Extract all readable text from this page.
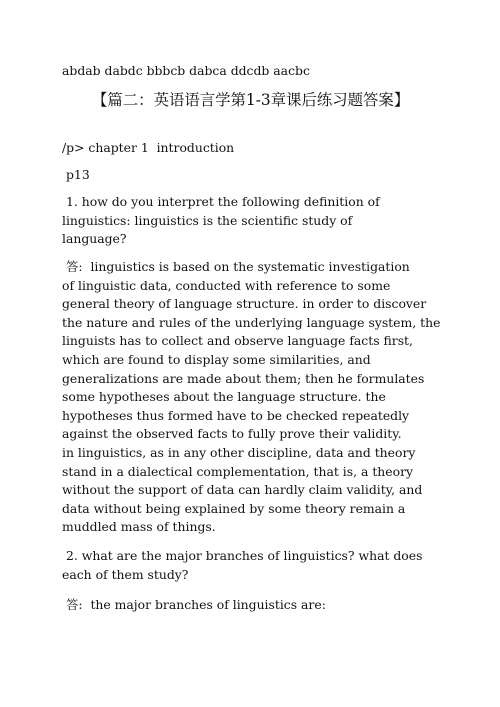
abdab dabdc bbbcb dabca ddcdb aacbc
【篇二：英语语言学第1-3章课后练习题答案】
/p> chapter 1  introduction
p13
1. how do you interpret the following definition of
linguistics: linguistics is the scientific study of
language?
答:  linguistics is based on the systematic investigation
of linguistic data, conducted with reference to some
general theory of language structure. in order to discover
the nature and rules of the underlying language system, the
linguists has to collect and observe language facts first,
which are found to display some similarities, and
generalizations are made about them; then he formulates
some hypotheses about the language structure. the
hypotheses thus formed have to be checked repeatedly
against the observed facts to fully prove their validity.
in linguistics, as in any other discipline, data and theory
stand in a dialectical complementation, that is, a theory
without the support of data can hardly claim validity, and
data without being explained by some theory remain a
muddled mass of things.
2. what are the major branches of linguistics? what does
each of them study?
答:  the major branches of linguistics are:
